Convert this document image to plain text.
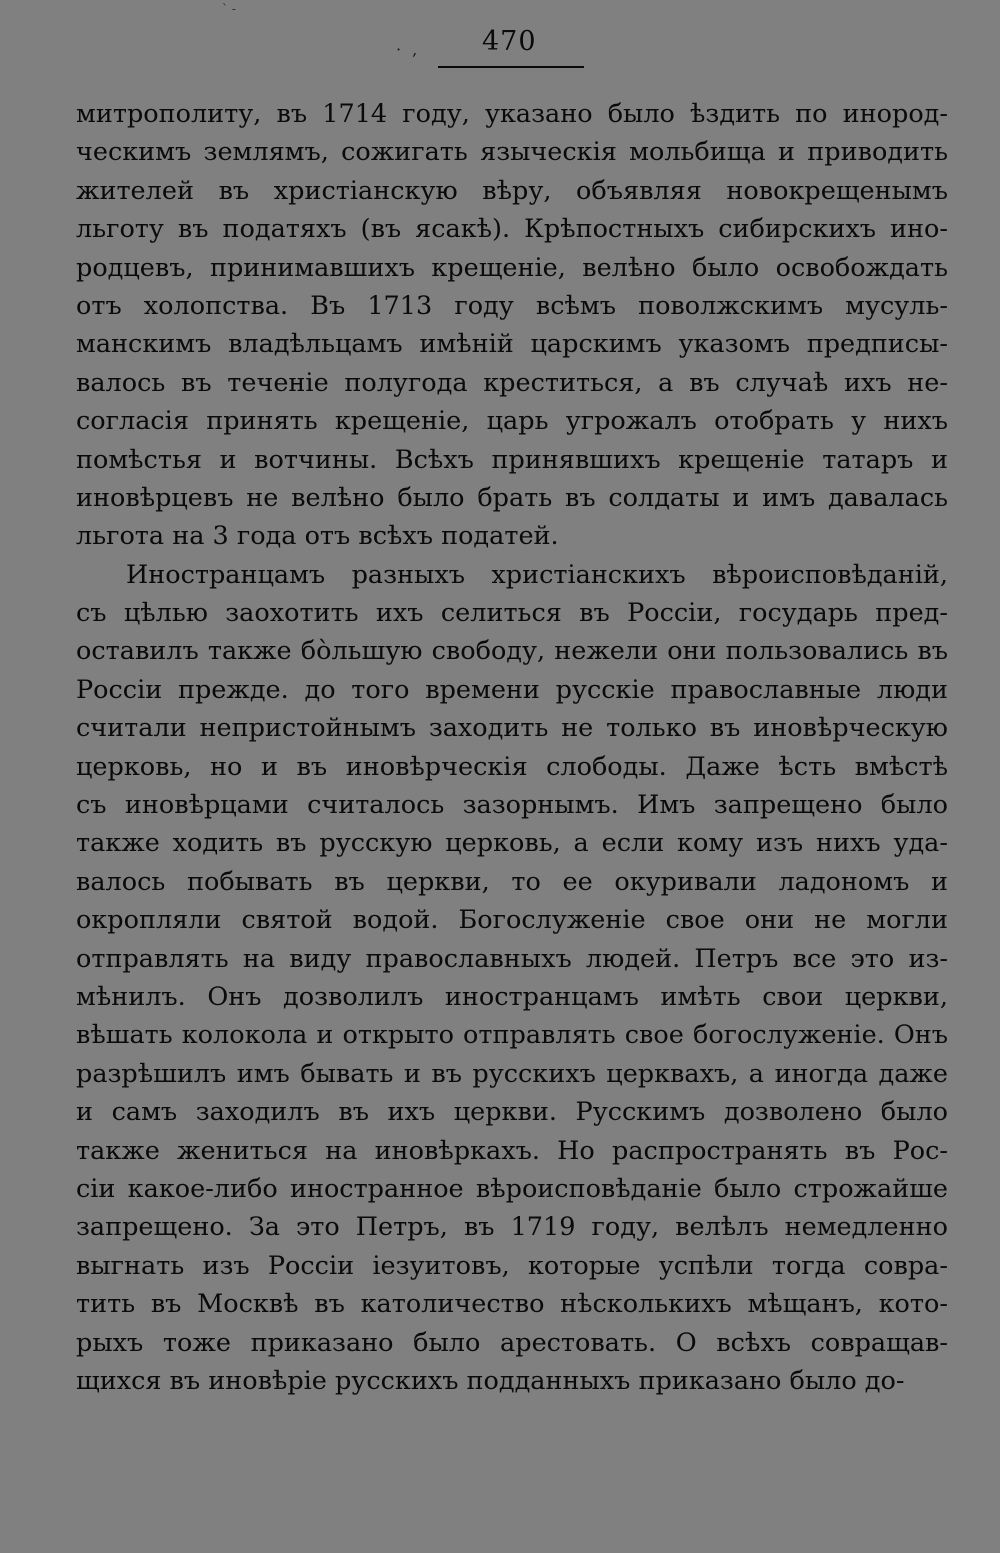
` -
· , 470
митрополиту, въ 1714 году, указано было ѣздить по инород-
ческимъ землямъ, сожигать языческія мольбища и приводить
жителей въ христіанскую вѣру, объявляя новокрещенымъ
льготу въ податяхъ (въ ясакѣ). Крѣпостныхъ сибирскихъ ино-
родцевъ, принимавшихъ крещеніе, велѣно было освобождать
отъ холопства. Въ 1713 году всѣмъ поволжскимъ мусуль-
манскимъ владѣльцамъ имѣній царскимъ указомъ предписы-
валось въ теченіе полугода креститься, а въ случаѣ ихъ не-
согласія принять крещеніе, царь угрожалъ отобрать у нихъ
помѣстья и вотчины. Всѣхъ принявшихъ крещеніе татаръ и
иновѣрцевъ не велѣно было брать въ солдаты и имъ давалась
льгота на 3 года отъ всѣхъ податей.
Иностранцамъ разныхъ христіанскихъ вѣроисповѣданій,
съ цѣлью заохотить ихъ селиться въ Россіи, государь пред-
оставилъ также бо̀льшую свободу, нежели они пользовались въ
Россіи прежде. до того времени русскіе православные люди
считали непристойнымъ заходить не только въ иновѣрческую
церковь, но и въ иновѣрческія слободы. Даже ѣсть вмѣстѣ
съ иновѣрцами считалось зазорнымъ. Имъ запрещено было
также ходить въ русскую церковь, а если кому изъ нихъ уда-
валось побывать въ церкви, то ее окуривали ладономъ и
окропляли святой водой. Богослуженіе свое они не могли
отправлять на виду православныхъ людей. Петръ все это из-
мѣнилъ. Онъ дозволилъ иностранцамъ имѣть свои церкви,
вѣшать колокола и открыто отправлять свое богослуженіе. Онъ
разрѣшилъ имъ бывать и въ русскихъ церквахъ, а иногда даже
и самъ заходилъ въ ихъ церкви. Русскимъ дозволено было
также жениться на иновѣркахъ. Но распространять въ Рос-
сіи какое-либо иностранное вѣроисповѣданіе было строжайше
запрещено. За это Петръ, въ 1719 году, велѣлъ немедленно
выгнать изъ Россіи іезуитовъ, которые успѣли тогда совра-
тить въ Москвѣ въ католичество нѣсколькихъ мѣщанъ, кото-
рыхъ тоже приказано было арестовать. О всѣхъ совращав-
щихся въ иновѣріе русскихъ подданныхъ приказано было до-
